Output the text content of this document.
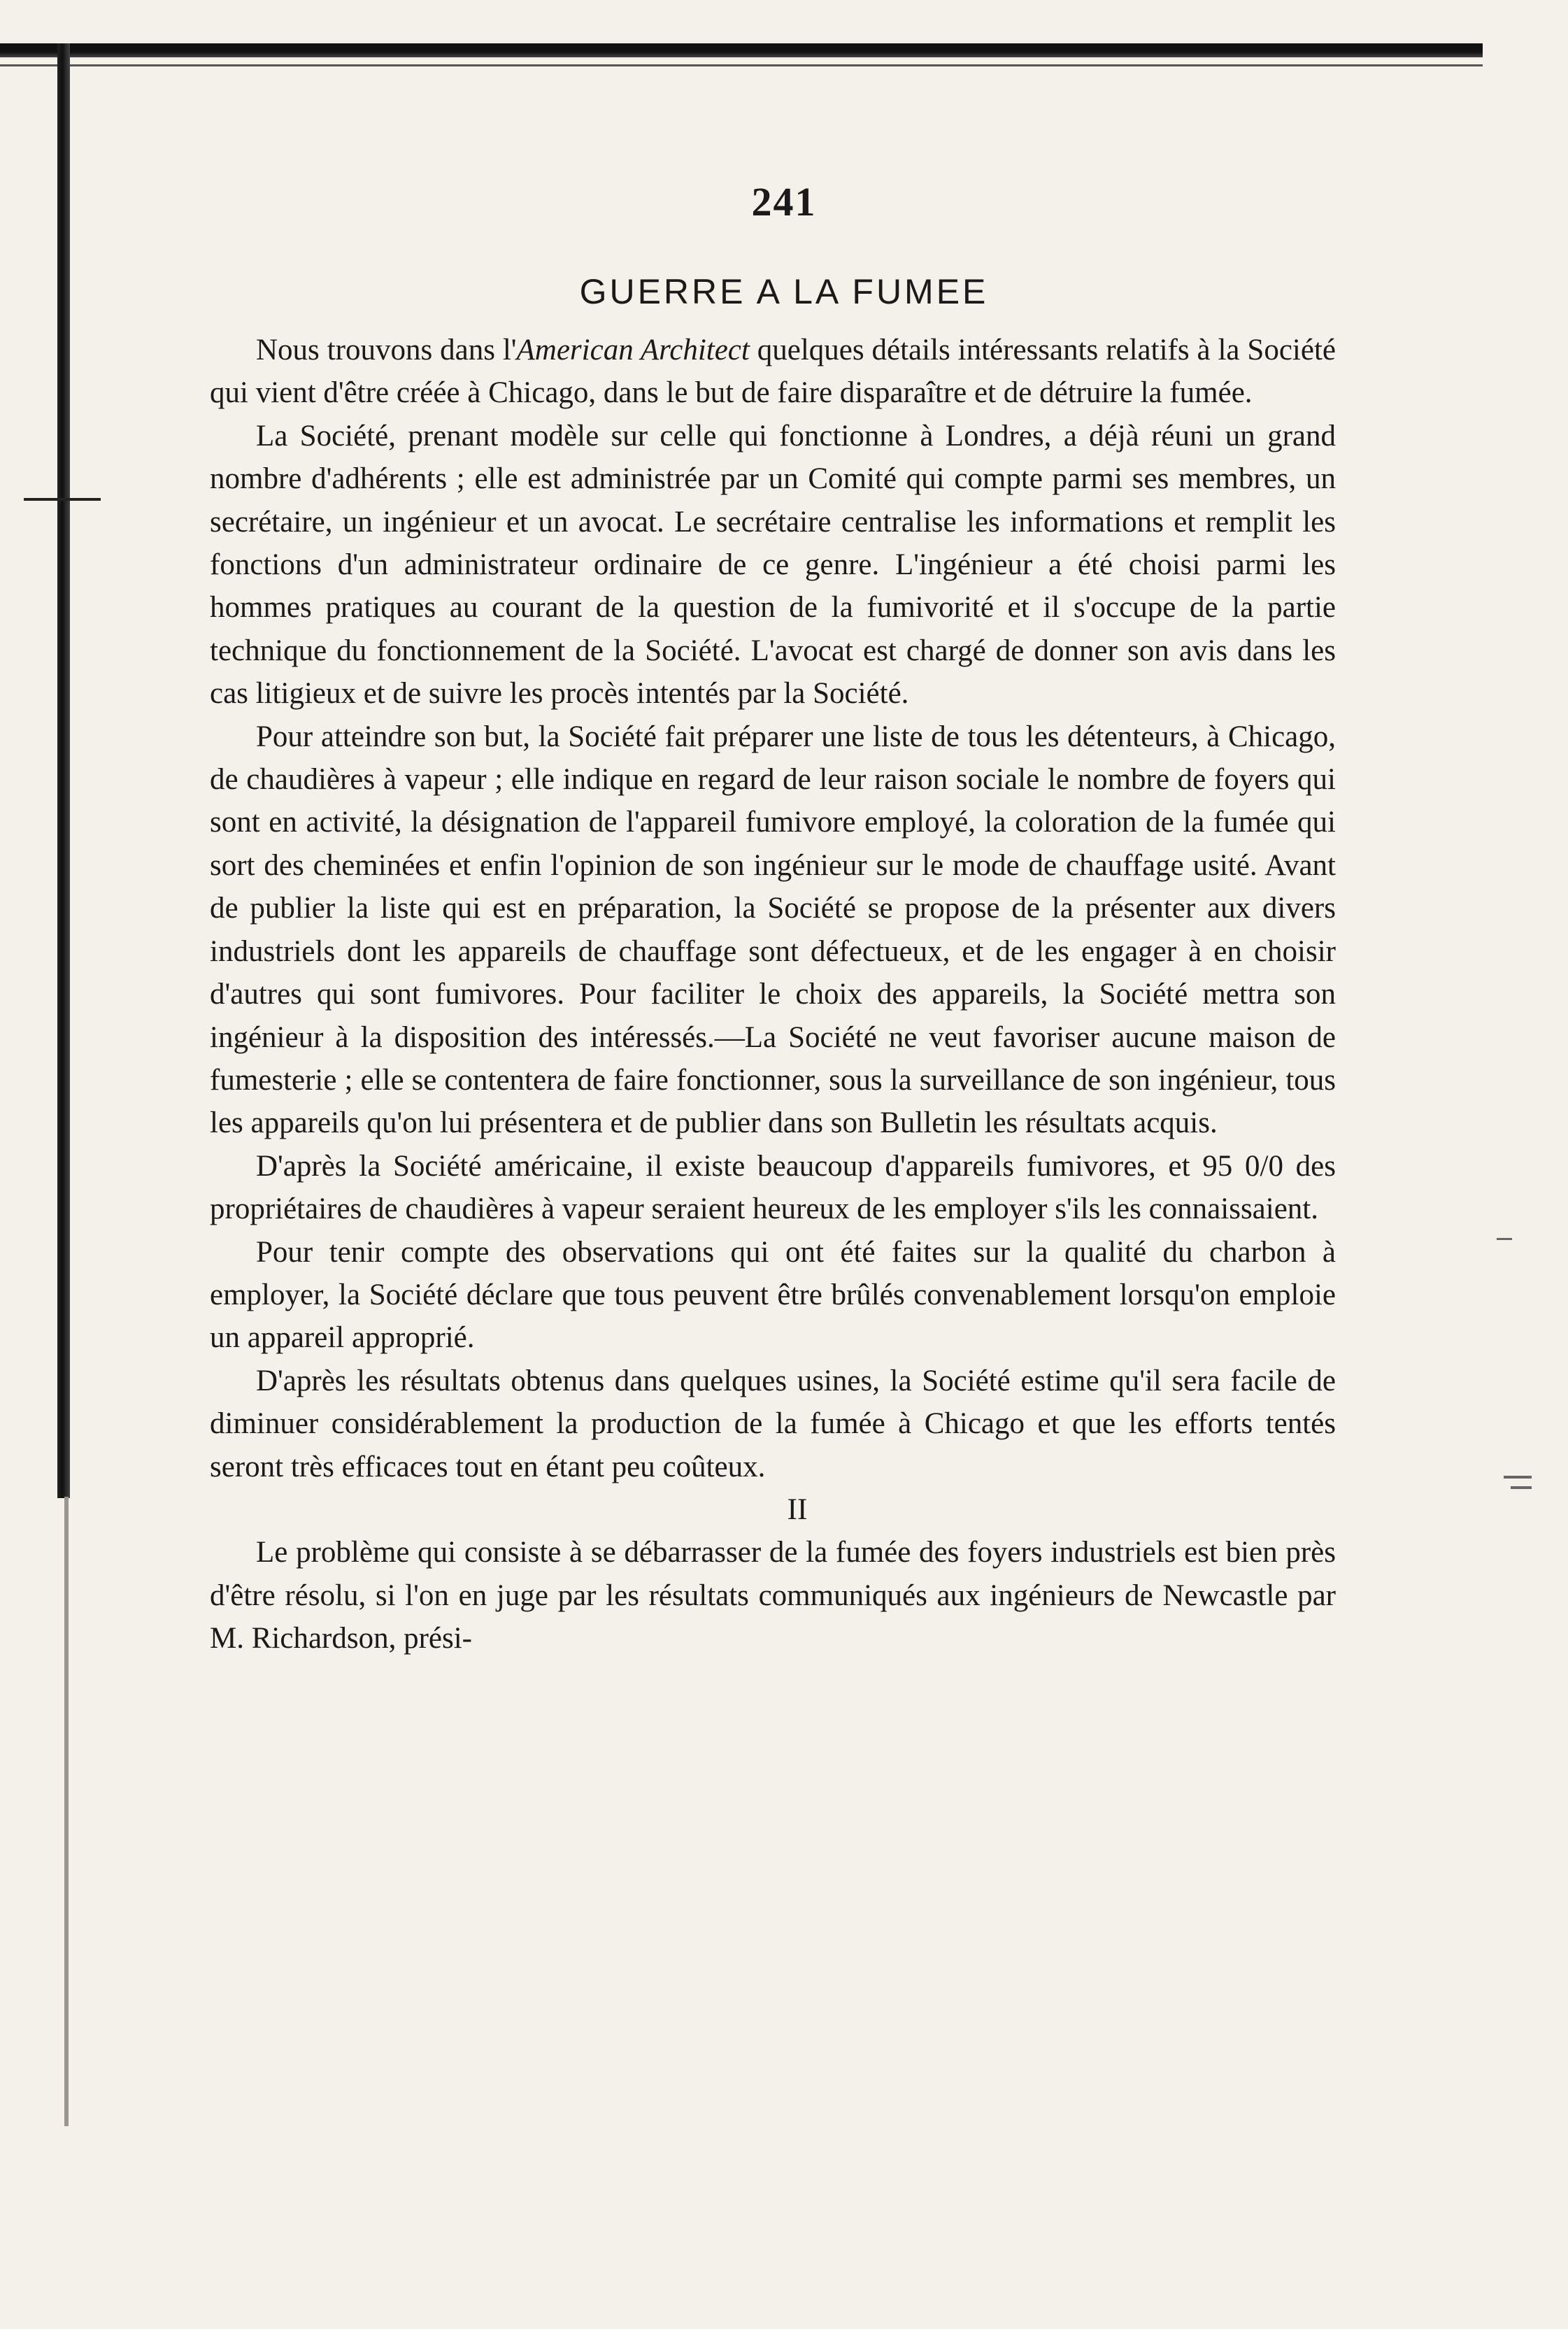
241
GUERRE A LA FUMEE

Nous trouvons dans l'American Architect quelques détails intéressants relatifs à la Société qui vient d'être créée à Chicago, dans le but de faire disparaître et de détruire la fumée.

La Société, prenant modèle sur celle qui fonctionne à Londres, a déjà réuni un grand nombre d'adhérents ; elle est administrée par un Comité qui compte parmi ses membres, un secrétaire, un ingénieur et un avocat. Le secrétaire centralise les informations et remplit les fonctions d'un administrateur ordinaire de ce genre. L'ingénieur a été choisi parmi les hommes pratiques au courant de la question de la fumivorité et il s'occupe de la partie technique du fonctionnement de la Société. L'avocat est chargé de donner son avis dans les cas litigieux et de suivre les procès intentés par la Société.

Pour atteindre son but, la Société fait préparer une liste de tous les détenteurs, à Chicago, de chaudières à vapeur ; elle indique en regard de leur raison sociale le nombre de foyers qui sont en activité, la désignation de l'appareil fumivore employé, la coloration de la fumée qui sort des cheminées et enfin l'opinion de son ingénieur sur le mode de chauffage usité. Avant de publier la liste qui est en préparation, la Société se propose de la présenter aux divers industriels dont les appareils de chauffage sont défectueux, et de les engager à en choisir d'autres qui sont fumivores. Pour faciliter le choix des appareils, la Société mettra son ingénieur à la disposition des intéressés.—La Société ne veut favoriser aucune maison de fumesterie ; elle se contentera de faire fonctionner, sous la surveillance de son ingénieur, tous les appareils qu'on lui présentera et de publier dans son Bulletin les résultats acquis.

D'après la Société américaine, il existe beaucoup d'appareils fumivores, et 95 0/0 des propriétaires de chaudières à vapeur seraient heureux de les employer s'ils les connaissaient.

Pour tenir compte des observations qui ont été faites sur la qualité du charbon à employer, la Société déclare que tous peuvent être brûlés convenablement lorsqu'on emploie un appareil approprié.

D'après les résultats obtenus dans quelques usines, la Société estime qu'il sera facile de diminuer considérablement la production de la fumée à Chicago et que les efforts tentés seront très efficaces tout en étant peu coûteux.

II

Le problème qui consiste à se débarrasser de la fumée des foyers industriels est bien près d'être résolu, si l'on en juge par les résultats communiqués aux ingénieurs de Newcastle par M. Richardson, prési-
